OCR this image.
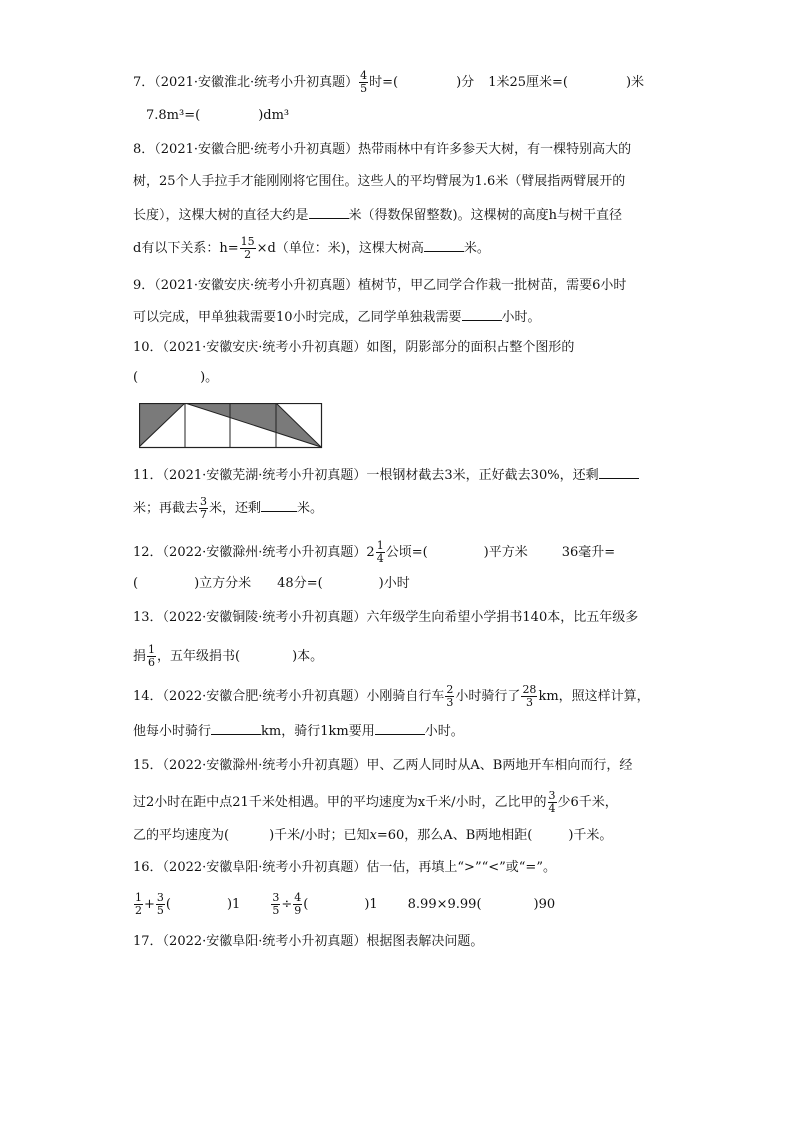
7．（2021·安徽淮北·统考小升初真题） $\frac{4}{5}$ 时=(	)分 1米25厘米=(	)米
7.8m³=(	)dm³
8．（2021·安徽合肥·统考小升初真题）热带雨林中有许多参天大树，有一棵特别高大的
树，25个人手拉手才能刚刚将它围住。这些人的平均臂展为1.6米（臂展指两臂展开的
长度），这棵大树的直径大约是	米（得数保留整数)。这棵树的高度h与树干直径
d有以下关系：$h= \frac{15}{2} \times d$（单位：米)，这棵大树高	米。
9．（2021·安徽安庆·统考小升初真题）植树节，甲乙同学合作栽一批树苗，需要6小时
可以完成，甲单独栽需要10小时完成，乙同学单独栽需要	小时。
10．（2021·安徽安庆·统考小升初真题）如图，阴影部分的面积占整个图形的
(	)。
11．（2021·安徽芜湖·统考小升初真题）一根钢材截去3米，正好截去30%，还剩
米；再截去 $\frac{3}{7}$ 米，还剩	米。
12．（2022·安徽滁州·统考小升初真题）$2 \frac{1}{4}$ 公顷=(	)平方米	36毫升=
(	)立方分米 48分=(	)小时
13．（2022·安徽铜陵·统考小升初真题）六年级学生向希望小学捐书140本，比五年级多
捐 $\frac{1}{6}$ ，五年级捐书(	)本。
14．（2022·安徽合肥·统考小升初真题）小刚骑自行车 $\frac{2}{3}$ 小时骑行了 $\frac{28}{3}$ km，照这样计算，
他每小时骑行	km，骑行1km要用	小时。
15．（2022·安徽滁州·统考小升初真题）甲、乙两人同时从A、B两地开车相向而行，经
过2小时在距中点21千米处相遇。甲的平均速度为x千米/小时，乙比甲的 $\frac{3}{4}$ 少6千米，
乙的平均速度为(	)千米/小时；已知x=60，那么A、B两地相距(	)千米。
16．（2022·安徽阜阳·统考小升初真题）估一估，再填上“>”“<”或“=”。
$\frac{1}{2} + \frac{3}{5}$ (	)1	$\frac{3}{5} \div \frac{4}{9}$ (	)1 8.99×9.99(	)90
17．（2022·安徽阜阳·统考小升初真题）根据图表解决问题。
